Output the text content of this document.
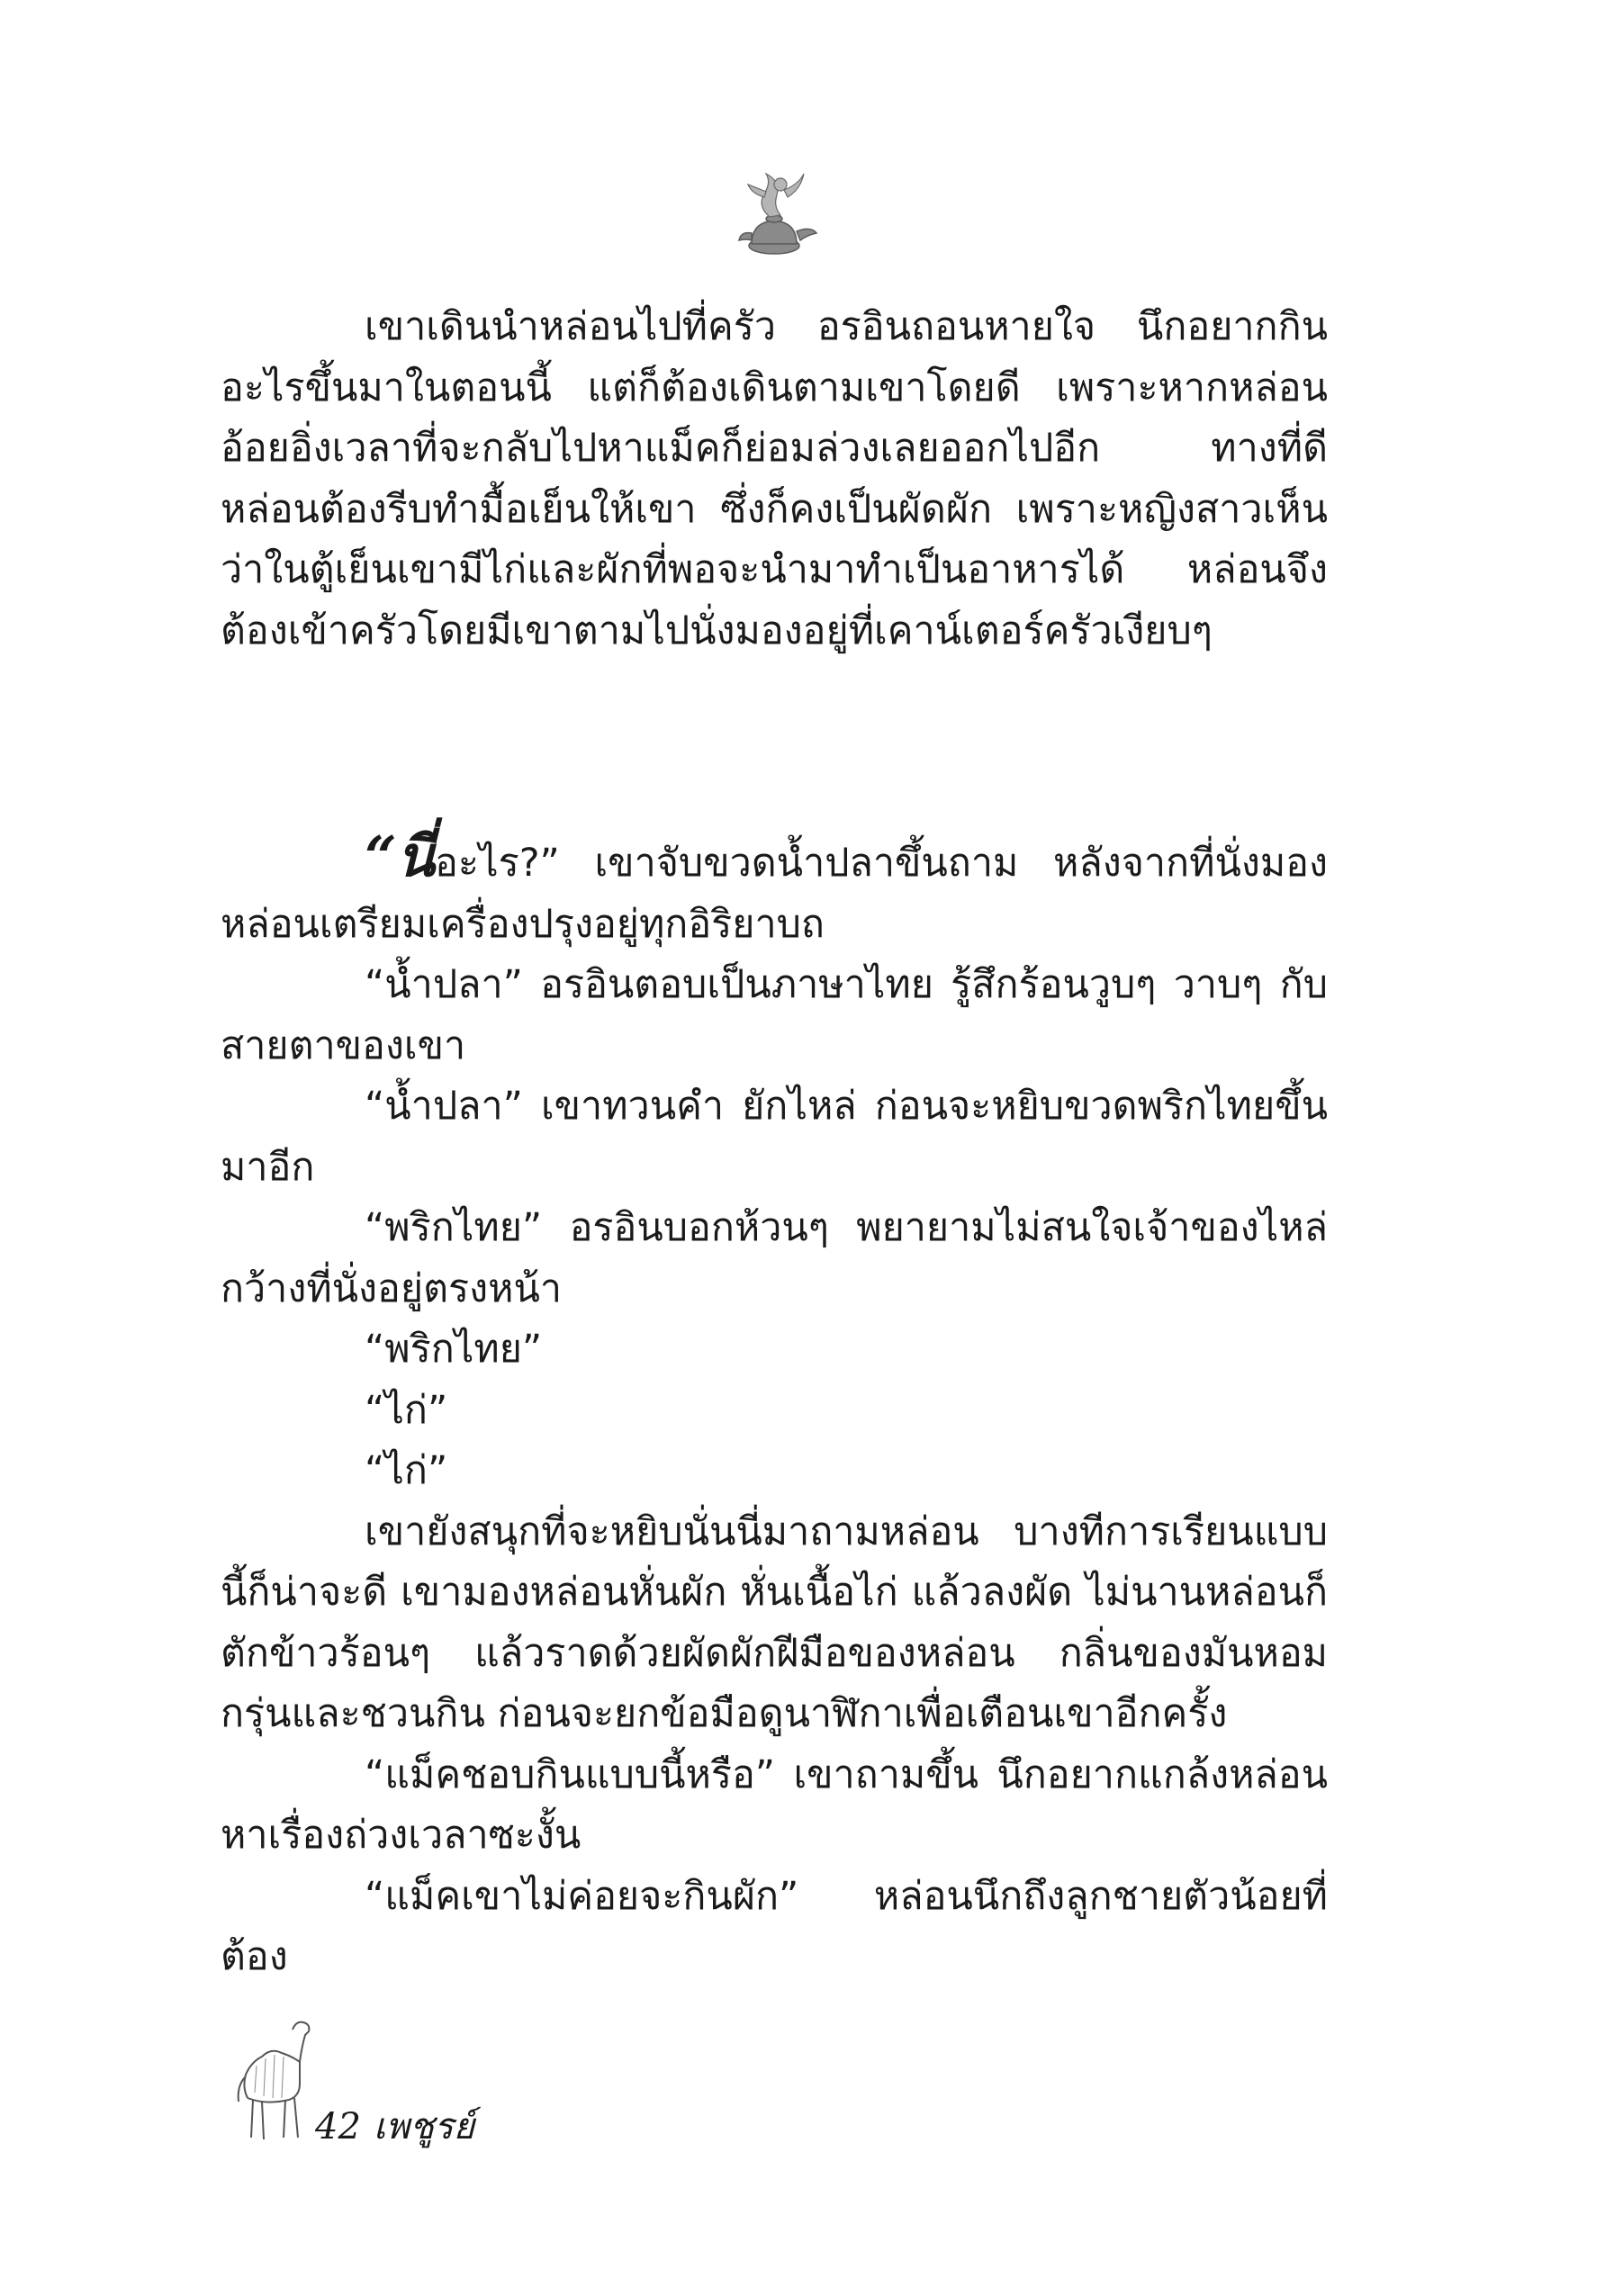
เขาเดินนำหล่อนไปที่ครัว อรอินถอนหายใจ นึกอยากกินอะไรขึ้นมาในตอนนี้ แต่ก็ต้องเดินตามเขาโดยดี เพราะหากหล่อนอ้อยอิ่งเวลาที่จะกลับไปหาแม็คก็ย่อมล่วงเลยออกไปอีก ทางที่ดีหล่อนต้องรีบทำมื้อเย็นให้เขา ซึ่งก็คงเป็นผัดผัก เพราะหญิงสาวเห็นว่าในตู้เย็นเขามีไก่และผักที่พอจะนำมาทำเป็นอาหารได้ หล่อนจึงต้องเข้าครัวโดยมีเขาตามไปนั่งมองอยู่ที่เคาน์เตอร์ครัวเงียบๆ

“นี่อะไร?” เขาจับขวดน้ำปลาขึ้นถาม หลังจากที่นั่งมองหล่อนเตรียมเครื่องปรุงอยู่ทุกอิริยาบถ

“น้ำปลา” อรอินตอบเป็นภาษาไทย รู้สึกร้อนวูบๆ วาบๆ กับสายตาของเขา

“น้ำปลา” เขาทวนคำ ยักไหล่ ก่อนจะหยิบขวดพริกไทยขึ้นมาอีก

“พริกไทย” อรอินบอกห้วนๆ พยายามไม่สนใจเจ้าของไหล่กว้างที่นั่งอยู่ตรงหน้า

“พริกไทย”

“ไก่”

“ไก่”

เขายังสนุกที่จะหยิบนั่นนี่มาถามหล่อน บางทีการเรียนแบบนี้ก็น่าจะดี เขามองหล่อนหั่นผัก หั่นเนื้อไก่ แล้วลงผัด ไม่นานหล่อนก็ตักข้าวร้อนๆ แล้วราดด้วยผัดผักฝีมือของหล่อน กลิ่นของมันหอมกรุ่นและชวนกิน ก่อนจะยกข้อมือดูนาฬิกาเพื่อเตือนเขาอีกครั้ง

“แม็คชอบกินแบบนี้หรือ” เขาถามขึ้น นึกอยากแกล้งหล่อนหาเรื่องถ่วงเวลาซะงั้น

“แม็คเขาไม่ค่อยจะกินผัก” หล่อนนึกถึงลูกชายตัวน้อยที่ต้อง

42 เพชูรย์
